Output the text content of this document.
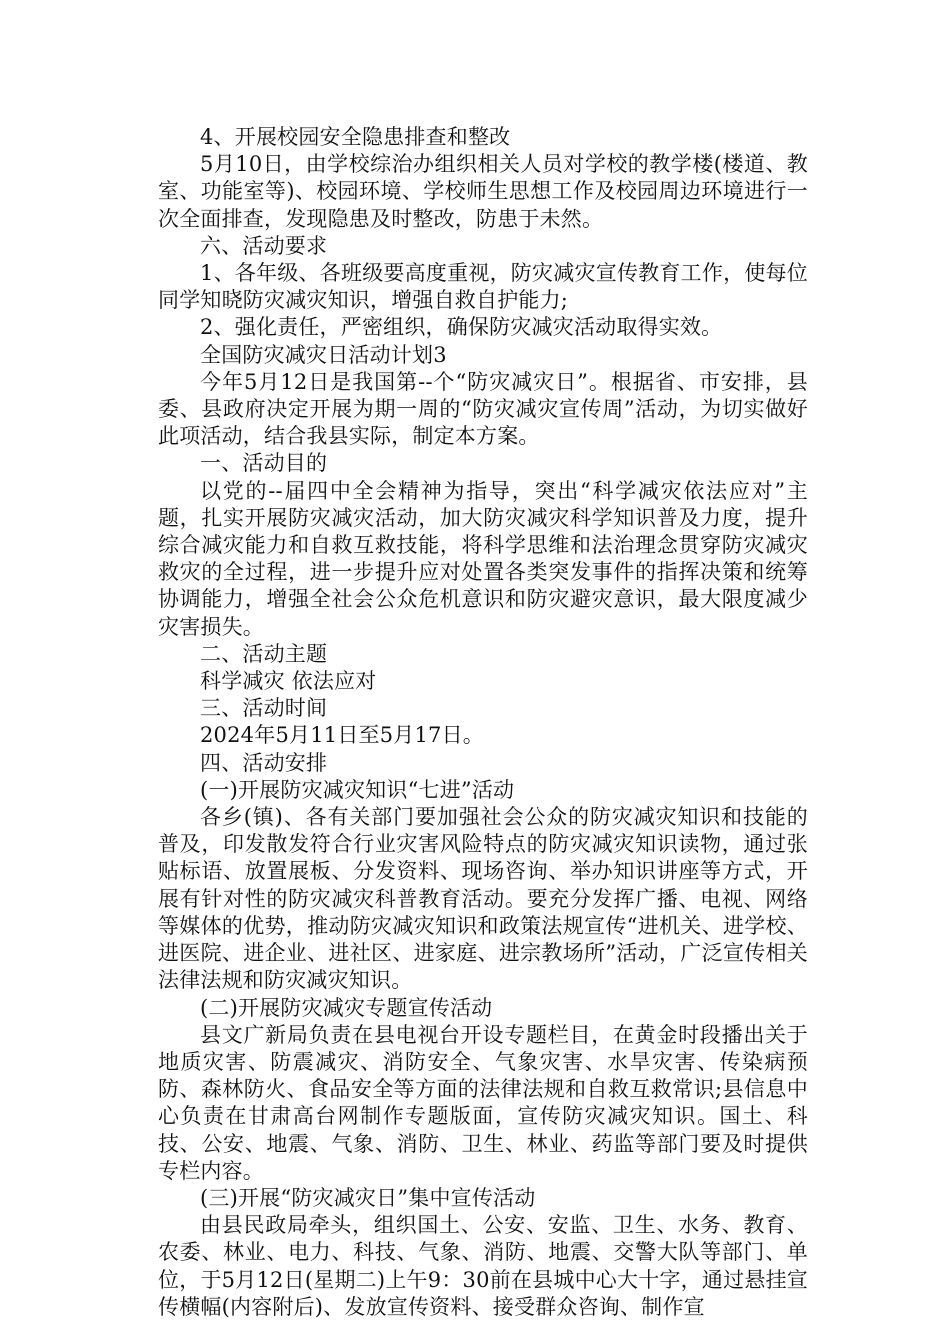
4、开展校园安全隐患排查和整改

5月10日，由学校综治办组织相关人员对学校的教学楼(楼道、教室、功能室等)、校园环境、学校师生思想工作及校园周边环境进行一次全面排查，发现隐患及时整改，防患于未然。

六、活动要求

1、各年级、各班级要高度重视，防灾减灾宣传教育工作，使每位同学知晓防灾减灾知识，增强自救自护能力;

2、强化责任，严密组织，确保防灾减灾活动取得实效。

全国防灾减灾日活动计划3

今年5月12日是我国第--个“防灾减灾日”。根据省、市安排，县委、县政府决定开展为期一周的“防灾减灾宣传周”活动，为切实做好此项活动，结合我县实际，制定本方案。

一、活动目的

以党的--届四中全会精神为指导，突出“科学减灾依法应对”主题，扎实开展防灾减灾活动，加大防灾减灾科学知识普及力度，提升综合减灾能力和自救互救技能，将科学思维和法治理念贯穿防灾减灾救灾的全过程，进一步提升应对处置各类突发事件的指挥决策和统筹协调能力，增强全社会公众危机意识和防灾避灾意识，最大限度减少灾害损失。

二、活动主题

科学减灾 依法应对

三、活动时间

2024年5月11日至5月17日。

四、活动安排

(一)开展防灾减灾知识“七进”活动

各乡(镇)、各有关部门要加强社会公众的防灾减灾知识和技能的普及，印发散发符合行业灾害风险特点的防灾减灾知识读物，通过张贴标语、放置展板、分发资料、现场咨询、举办知识讲座等方式，开展有针对性的防灾减灾科普教育活动。要充分发挥广播、电视、网络等媒体的优势，推动防灾减灾知识和政策法规宣传“进机关、进学校、进医院、进企业、进社区、进家庭、进宗教场所”活动，广泛宣传相关法律法规和防灾减灾知识。

(二)开展防灾减灾专题宣传活动

县文广新局负责在县电视台开设专题栏目，在黄金时段播出关于地质灾害、防震减灾、消防安全、气象灾害、水旱灾害、传染病预防、森林防火、食品安全等方面的法律法规和自救互救常识;县信息中心负责在甘肃高台网制作专题版面，宣传防灾减灾知识。国土、科技、公安、地震、气象、消防、卫生、林业、药监等部门要及时提供专栏内容。

(三)开展“防灾减灾日”集中宣传活动

由县民政局牵头，组织国土、公安、安监、卫生、水务、教育、农委、林业、电力、科技、气象、消防、地震、交警大队等部门、单位，于5月12日(星期二)上午9：30前在县城中心大十字，通过悬挂宣传横幅(内容附后)、发放宣传资料、接受群众咨询、制作宣
